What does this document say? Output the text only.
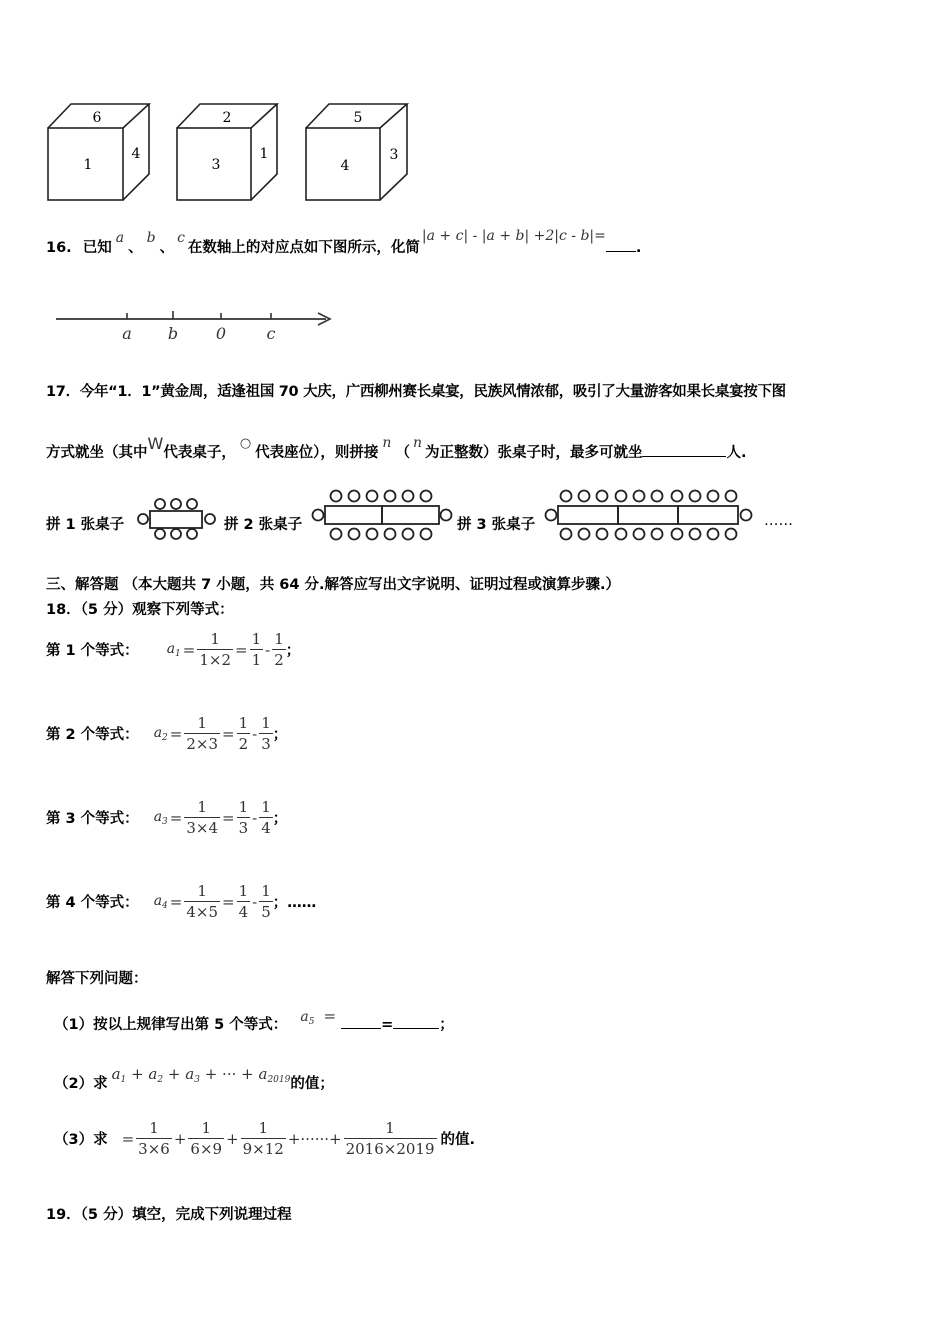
6
1
4
2
3
1
5
4
3
16. 已知a、b、c在数轴上的对应点如下图所示，化简|a + c| - |a + b| +2|c - b|=.
a b 0	c
17．今年“1．1”黄金周，适逢祖国 70 大庆，广西柳州赛长桌宴，民族风情浓郁，吸引了大量游客如果长桌宴按下图
方式就坐（其中W代表桌子，○代表座位），则拼接n（n为正整数）张桌子时，最多可就坐	人.
拼 1 张桌子	拼 2 张桌子	拼 3 张桌子	……
三、解答题 （本大题共 7 小题，共 64 分.解答应写出文字说明、证明过程或演算步骤.）
18．（5 分）观察下列等式：
第 1 个等式： $a_1 = \frac{1}{1\times 2} = \frac{1}{1} - \frac{1}{2}$ ；
第 2 个等式： $a_2 = \frac{1}{2\times 3} = \frac{1}{2} - \frac{1}{3}$ ；
第 3 个等式： $a_3 = \frac{1}{3\times 4} = \frac{1}{3} - \frac{1}{4}$ ；
第 4 个等式： $a_4 = \frac{1}{4\times 5} = \frac{1}{4} - \frac{1}{5}$ ；……
解答下列问题：
（1）按以上规律写出第 5 个等式： $a_5$ =	=	；
（2）求$a_1 + a_2 + a_3$ + ··· + $a_{2019}$的值；
（3）求 = $\frac{1}{3\times 6} + \frac{1}{6\times 9} + \frac{1}{9\times 12}$ +······+ $\frac{1}{2016\times 2019}$ 的值.
19．（5 分）填空，完成下列说理过程
